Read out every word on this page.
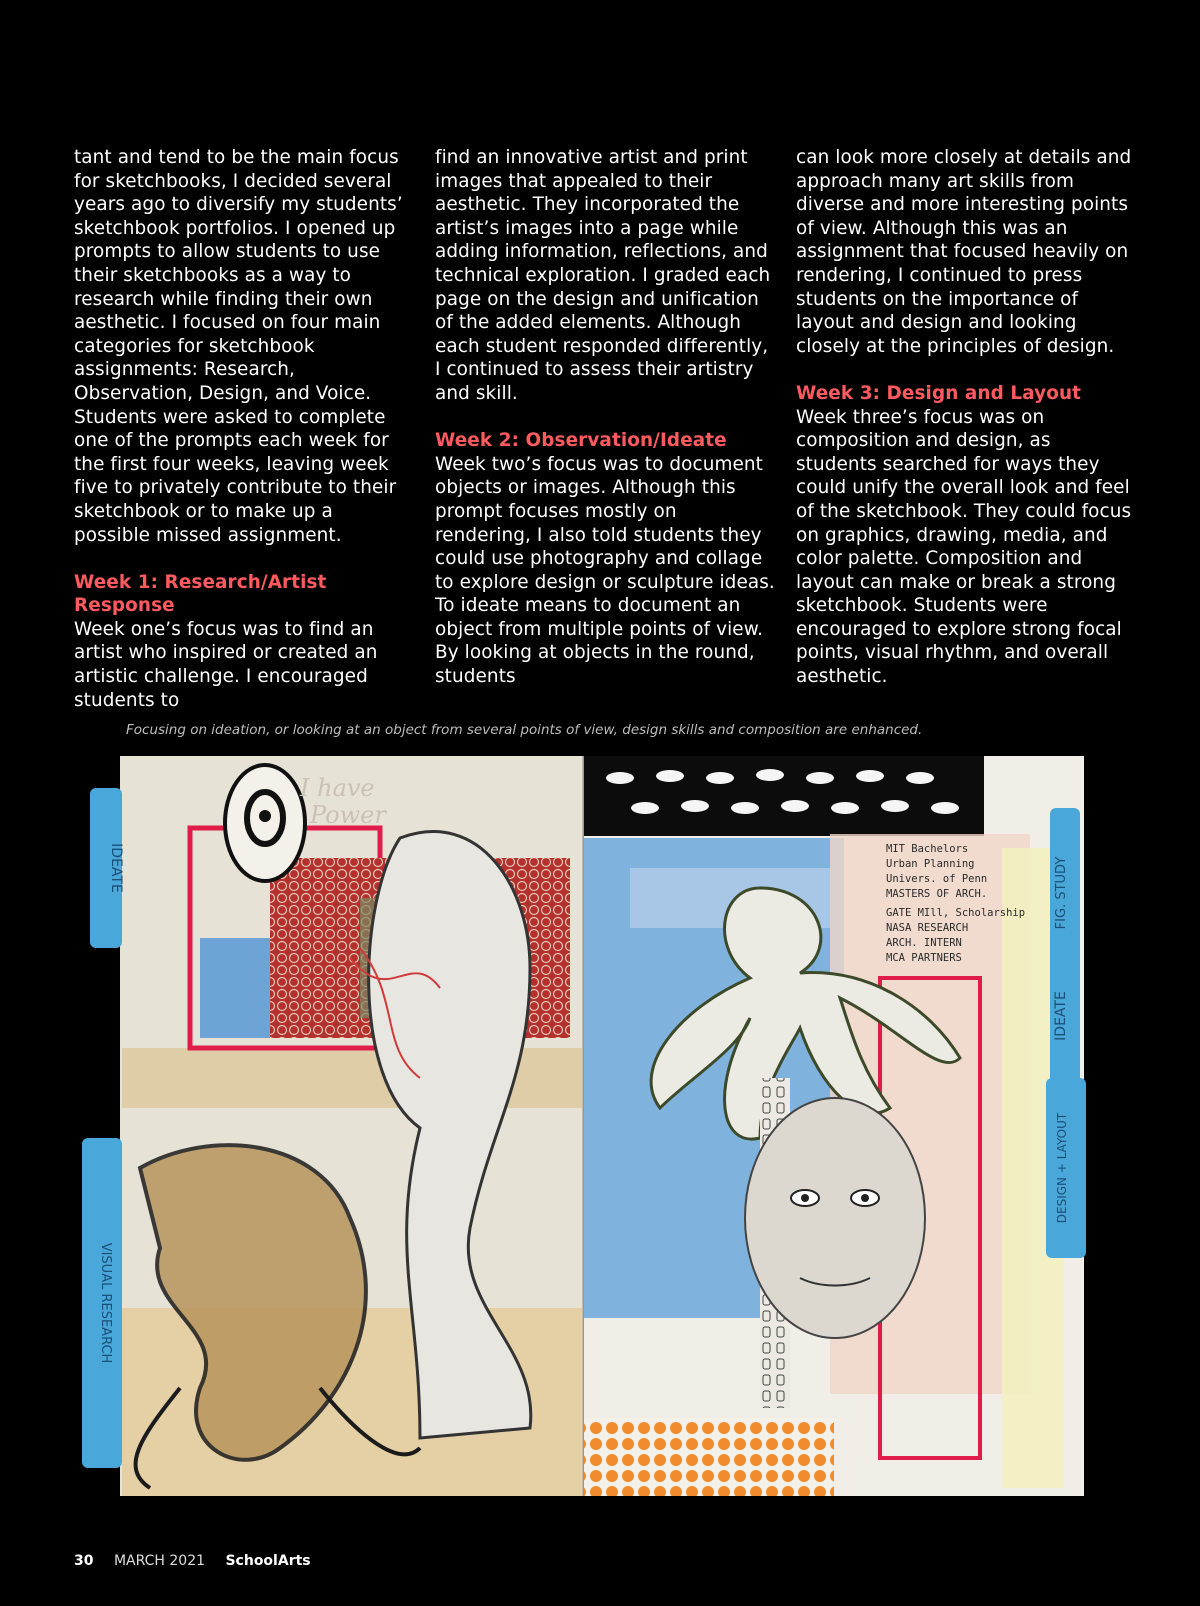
tant and tend to be the main focus for sketchbooks, I decided several years ago to diversify my students’ sketchbook portfolios. I opened up prompts to allow students to use their sketchbooks as a way to research while finding their own aesthetic. I focused on four main categories for sketchbook assignments: Research, Observation, Design, and Voice. Students were asked to complete one of the prompts each week for the first four weeks, leaving week five to privately contribute to their sketchbook or to make up a possible missed assignment.

Week 1: Research/Artist Response

Week one’s focus was to find an artist who inspired or created an artistic challenge. I encouraged students to

find an innovative artist and print images that appealed to their aesthetic. They incorporated the artist’s images into a page while adding information, reflections, and technical exploration. I graded each page on the design and unification of the added elements. Although each student responded differently, I continued to assess their artistry and skill.

Week 2: Observation/Ideate

Week two’s focus was to document objects or images. Although this prompt focuses mostly on rendering, I also told students they could use photography and collage to explore design or sculpture ideas. To ideate means to document an object from multiple points of view. By looking at objects in the round, students

can look more closely at details and approach many art skills from diverse and more interesting points of view. Although this was an assignment that focused heavily on rendering, I continued to press students on the importance of layout and design and looking closely at the principles of design.

Week 3: Design and Layout

Week three’s focus was on composition and design, as students searched for ways they could unify the overall look and feel of the sketchbook. They could focus on graphics, drawing, media, and color palette. Composition and layout can make or break a strong sketchbook. Students were encouraged to explore strong focal points, visual rhythm, and overall aesthetic.

Focusing on ideation, or looking at an object from several points of view, design skills and composition are enhanced.
I have
Power
MIT Bachelors
Urban Planning
Univers. of Penn
MASTERS OF ARCH.
GATE MIll, Scholarship
NASA RESEARCH
ARCH. INTERN
MCA PARTNERS
IDEATE
VISUAL RESEARCH
FIG. STUDY
IDEATE
DESIGN + LAYOUT
30 MARCH 2021 SchoolArts
